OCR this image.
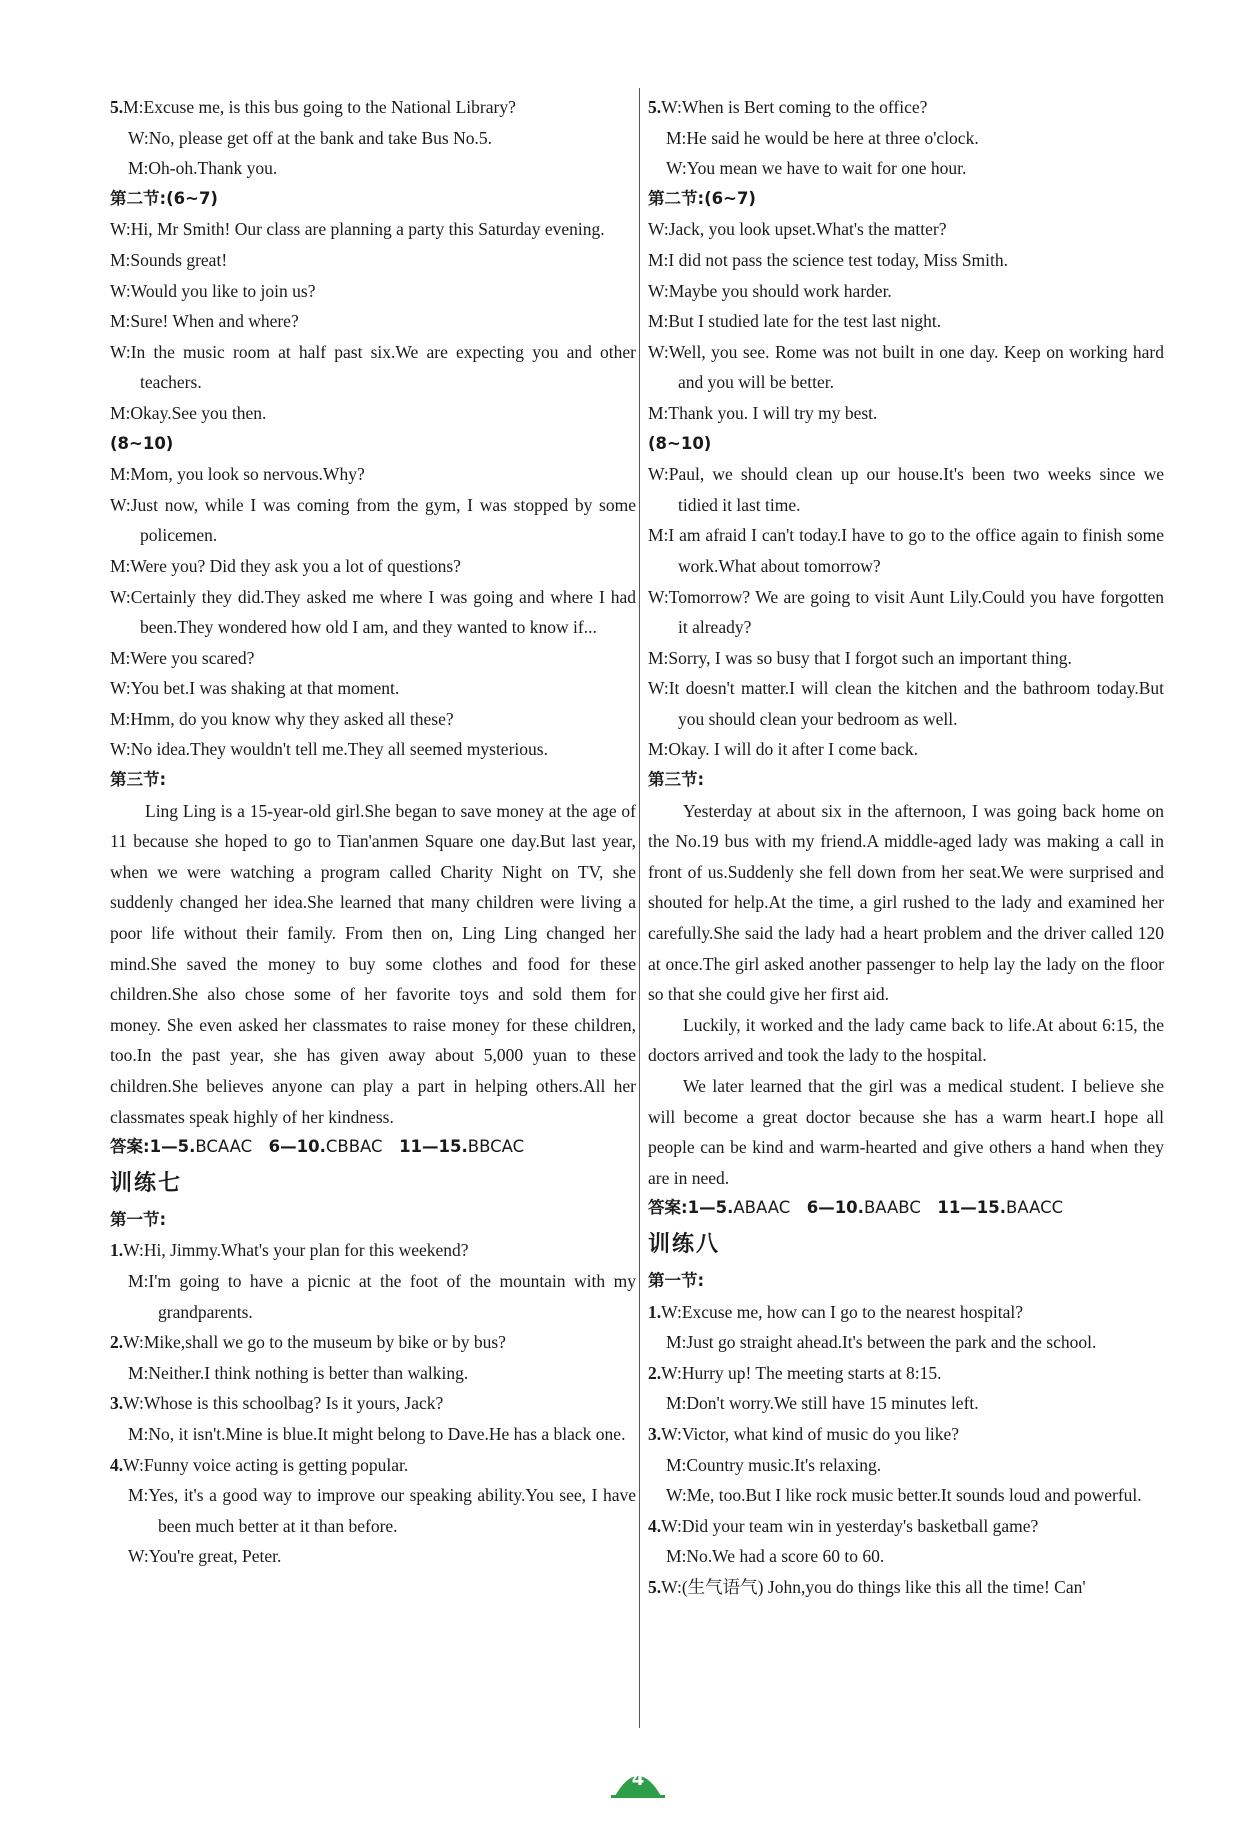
5.M:Excuse me, is this bus going to the National Library?

W:No, please get off at the bank and take Bus No.5.

M:Oh-oh.Thank you.

第二节:(6~7)

W:Hi, Mr Smith! Our class are planning a party this Saturday evening.

M:Sounds great!

W:Would you like to join us?

M:Sure! When and where?

W:In the music room at half past six.We are expecting you and other teachers.

M:Okay.See you then.

(8~10)

M:Mom, you look so nervous.Why?

W:Just now, while I was coming from the gym, I was stopped by some policemen.

M:Were you? Did they ask you a lot of questions?

W:Certainly they did.They asked me where I was going and where I had been.They wondered how old I am, and they wanted to know if...

M:Were you scared?

W:You bet.I was shaking at that moment.

M:Hmm, do you know why they asked all these?

W:No idea.They wouldn't tell me.They all seemed mysterious.

第三节:

Ling Ling is a 15-year-old girl.She began to save money at the age of 11 because she hoped to go to Tian'anmen Square one day.But last year, when we were watching a program called Charity Night on TV, she suddenly changed her idea.She learned that many children were living a poor life without their family. From then on, Ling Ling changed her mind.She saved the money to buy some clothes and food for these children.She also chose some of her favorite toys and sold them for money. She even asked her classmates to raise money for these children, too.In the past year, she has given away about 5,000 yuan to these children.She believes anyone can play a part in helping others.All her classmates speak highly of her kindness.

答案:1—5.BCAAC  6—10.CBBAC  11—15.BBCAC

训练七

第一节:

1.W:Hi, Jimmy.What's your plan for this weekend?

M:I'm going to have a picnic at the foot of the mountain with my grandparents.

2.W:Mike,shall we go to the museum by bike or by bus?

M:Neither.I think nothing is better than walking.

3.W:Whose is this schoolbag? Is it yours, Jack?

M:No, it isn't.Mine is blue.It might belong to Dave.He has a black one.

4.W:Funny voice acting is getting popular.

M:Yes, it's a good way to improve our speaking ability.You see, I have been much better at it than before.

W:You're great, Peter.

5.W:When is Bert coming to the office?

M:He said he would be here at three o'clock.

W:You mean we have to wait for one hour.

第二节:(6~7)

W:Jack, you look upset.What's the matter?

M:I did not pass the science test today, Miss Smith.

W:Maybe you should work harder.

M:But I studied late for the test last night.

W:Well, you see. Rome was not built in one day. Keep on working hard and you will be better.

M:Thank you. I will try my best.

(8~10)

W:Paul, we should clean up our house.It's been two weeks since we tidied it last time.

M:I am afraid I can't today.I have to go to the office again to finish some work.What about tomorrow?

W:Tomorrow? We are going to visit Aunt Lily.Could you have forgotten it already?

M:Sorry, I was so busy that I forgot such an important thing.

W:It doesn't matter.I will clean the kitchen and the bathroom today.But you should clean your bedroom as well.

M:Okay. I will do it after I come back.

第三节:

Yesterday at about six in the afternoon, I was going back home on the No.19 bus with my friend.A middle-aged lady was making a call in front of us.Suddenly she fell down from her seat.We were surprised and shouted for help.At the time, a girl rushed to the lady and examined her carefully.She said the lady had a heart problem and the driver called 120 at once.The girl asked another passenger to help lay the lady on the floor so that she could give her first aid.

Luckily, it worked and the lady came back to life.At about 6:15, the doctors arrived and took the lady to the hospital.

We later learned that the girl was a medical student. I believe she will become a great doctor because she has a warm heart.I hope all people can be kind and warm-hearted and give others a hand when they are in need.

答案:1—5.ABAAC  6—10.BAABC  11—15.BAACC

训练八

第一节:

1.W:Excuse me, how can I go to the nearest hospital?

M:Just go straight ahead.It's between the park and the school.

2.W:Hurry up! The meeting starts at 8:15.

M:Don't worry.We still have 15 minutes left.

3.W:Victor, what kind of music do you like?

M:Country music.It's relaxing.

W:Me, too.But I like rock music better.It sounds loud and powerful.

4.W:Did your team win in yesterday's basketball game?

M:No.We had a score 60 to 60.

5.W:(生气语气) John,you do things like this all the time! Can'

4
